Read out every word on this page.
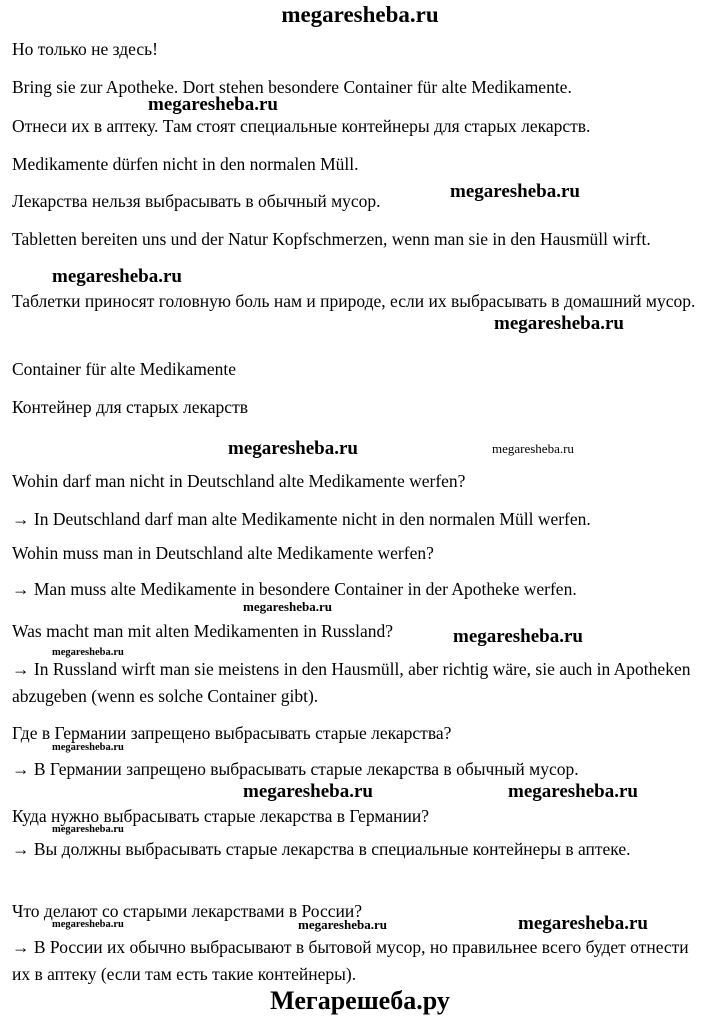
megaresheba.ru

Но только не здесь!

Bring sie zur Apotheke. Dort stehen besondere Container für alte Medikamente.

Отнеси их в аптеку. Там стоят специальные контейнеры для старых лекарств.

Medikamente dürfen nicht in den normalen Müll.

Лекарства нельзя выбрасывать в обычный мусор.

Tabletten bereiten uns und der Natur Kopfschmerzen, wenn man sie in den Hausmüll wirft.

Таблетки приносят головную боль нам и природе, если их выбрасывать в домашний мусор.

Container für alte Medikamente

Контейнер для старых лекарств

Wohin darf man nicht in Deutschland alte Medikamente werfen?

→ In Deutschland darf man alte Medikamente nicht in den normalen Müll werfen.

Wohin muss man in Deutschland alte Medikamente werfen?

→ Man muss alte Medikamente in besondere Container in der Apotheke werfen.

Was macht man mit alten Medikamenten in Russland?

→ In Russland wirft man sie meistens in den Hausmüll, aber richtig wäre, sie auch in Apotheken abzugeben (wenn es solche Container gibt).

Где в Германии запрещено выбрасывать старые лекарства?

→ В Германии запрещено выбрасывать старые лекарства в обычный мусор.

Куда нужно выбрасывать старые лекарства в Германии?

→ Вы должны выбрасывать старые лекарства в специальные контейнеры в аптеке.

Что делают со старыми лекарствами в России?

→ В России их обычно выбрасывают в бытовой мусор, но правильнее всего будет отнести их в аптеку (если там есть такие контейнеры).

megaresheba.ru
megaresheba.ru
megaresheba.ru
megaresheba.ru
megaresheba.ru	megaresheba.ru
megaresheba.ru
megaresheba.ru
megaresheba.ru
megaresheba.ru
megaresheba.ru	megaresheba.ru
megaresheba.ru
megaresheba.ru	megaresheba.ru	megaresheba.ru
Мегарешеба.ру
